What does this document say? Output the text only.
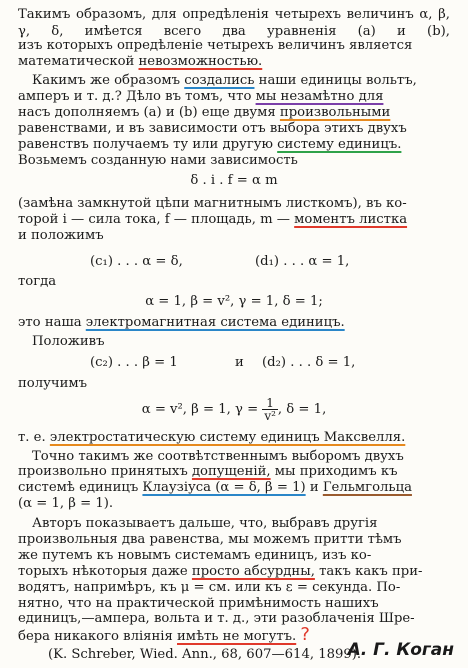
Такимъ образомъ, для опредѣленія четырехъ величинъ α, β, γ, δ, имѣется всего два уравненія (a) и (b),
изъ которыхъ опредѣленіе четырехъ величинъ является
математической невозможностью.
Какимъ же образомъ создались наши единицы вольтъ,
амперъ и т. д.? Дѣло въ томъ, что мы незамѣтно для
насъ дополняемъ (a) и (b) еще двумя произвольными
равенствами, и въ зависимости отъ выбора этихъ двухъ
равенствъ получаемъ ту или другую систему единицъ.
Возьмемъ созданную нами зависимость
δ . i . f = α m
(замѣна замкнутой цѣпи магнитнымъ листкомъ), въ ко-
торой i — сила тока, f — площадь, m — моментъ листка
и положимъ
(c₁) . . . α = δ,	(d₁) . . . α = 1,
тогда
α = 1, β = v², γ = 1, δ = 1;
это наша электромагнитная система единицъ.
Положивъ
(c₂) . . . β = 1	и (d₂) . . . δ = 1,
получимъ
α = v², β = 1, $\gamma = \frac{1}{\text{v²}}$ , δ = 1,
т. е. электростатическую систему единицъ Максвелля.
Точно такимъ же соотвѣтственнымъ выборомъ двухъ
произвольно принятыхъ допущеній, мы приходимъ къ
системѣ единицъ Клаузіуса (α = δ, β = 1) и Гельмгольца
(α = 1, β = 1).
Авторъ показываетъ дальше, что, выбравъ другія
произвольныя два равенства, мы можемъ притти тѣмъ
же путемъ къ новымъ системамъ единицъ, изъ ко-
торыхъ нѣкоторыя даже просто абсурдны, такъ какъ при-
водятъ, напримѣръ, къ μ = см. или къ ε = секунда. По-
нятно, что на практической примѣнимость нашихъ
единицъ,—ампера, вольта и т. д., эти разоблаченія Шре-
бера никакого вліянія имѣть не могутъ. ?
(K. Schreber, Wied. Ann., 68, 607—614, 1899).
А. Г. Коган
